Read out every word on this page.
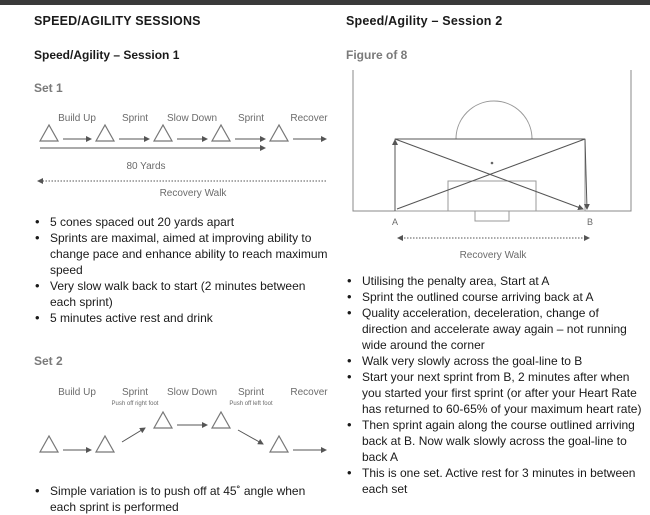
SPEED/AGILITY SESSIONS
Speed/Agility – Session 1
Set 1
Build Up	Sprint Slow Down Sprint	Recover
80 Yards
Recovery Walk
• 5 cones spaced out 20 yards apart
• Sprints are maximal, aimed at improving ability to change pace and enhance ability to reach maximum speed
• Very slow walk back to start (2 minutes between each sprint)
• 5 minutes active rest and drink
Set 2
Build Up	Sprint Slow Down Sprint	Recover
Push off right foot	Push off left foot
• Simple variation is to push off at 45˚ angle when each sprint is performed
Speed/Agility – Session 2
Figure of 8
A	B
Recovery Walk
• Utilising the penalty area, Start at A
• Sprint the outlined course arriving back at A
• Quality acceleration, deceleration, change of direction and accelerate away again – not running wide around the corner
• Walk very slowly across the goal-line to B
• Start your next sprint from B, 2 minutes after when you started your first sprint (or after your Heart Rate has returned to 60-65% of your maximum heart rate)
• Then sprint again along the course outlined arriving back at B. Now walk slowly across the goal-line to back A
• This is one set. Active rest for 3 minutes in between each set
